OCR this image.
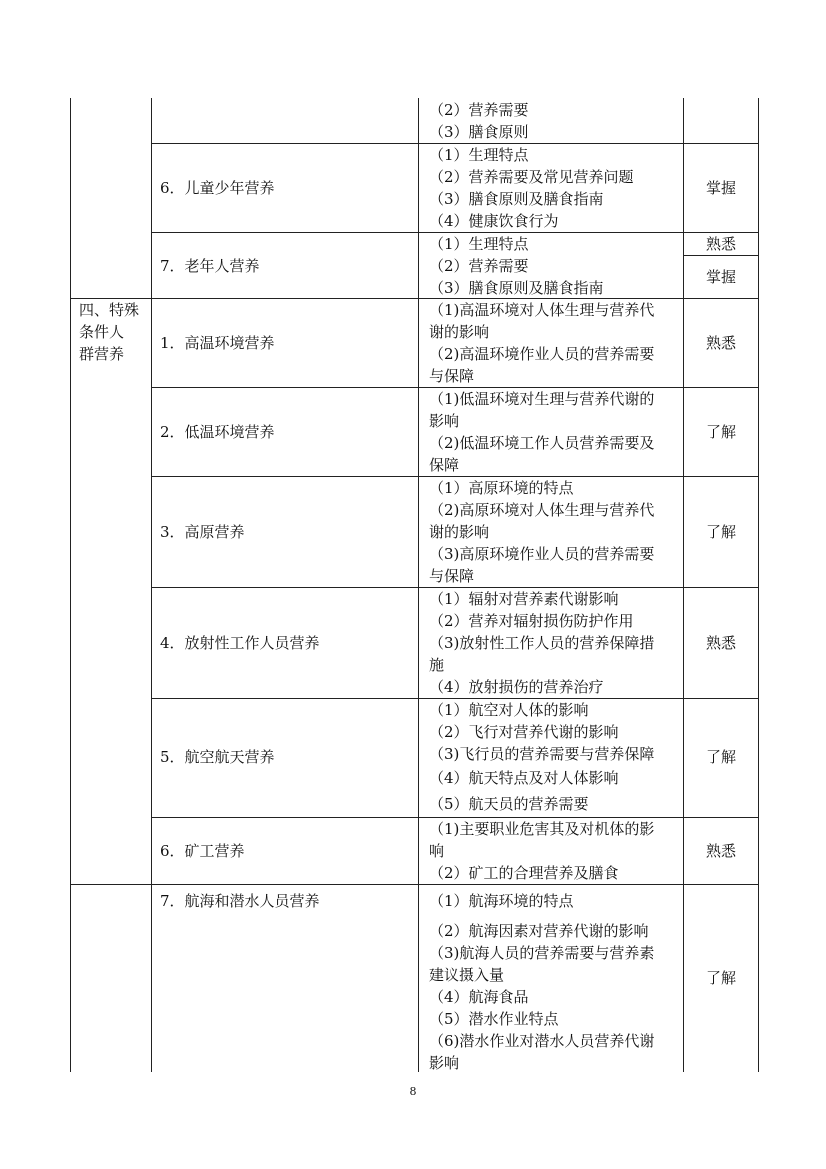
（2）营养需要
（3）膳食原则
6．儿童少年营养
（1）生理特点
（2）营养需要及常见营养问题
（3）膳食原则及膳食指南
（4）健康饮食行为
掌握
7．老年人营养
（1）生理特点
（2）营养需要
（3）膳食原则及膳食指南
熟悉
掌握
四、特殊
条件人
群营养
1．高温环境营养
（1)高温环境对人体生理与营养代
谢的影响
（2)高温环境作业人员的营养需要
与保障
熟悉
2．低温环境营养
（1)低温环境对生理与营养代谢的
影响
（2)低温环境工作人员营养需要及
保障
了解
3．高原营养
（1）高原环境的特点
（2)高原环境对人体生理与营养代
谢的影响
（3)高原环境作业人员的营养需要
与保障
了解
4．放射性工作人员营养
（1）辐射对营养素代谢影响
（2）营养对辐射损伤防护作用
（3)放射性工作人员的营养保障措
施
（4）放射损伤的营养治疗
熟悉
5．航空航天营养
（1）航空对人体的影响
（2）飞行对营养代谢的影响
（3)飞行员的营养需要与营养保障
（4）航天特点及对人体影响
（5）航天员的营养需要
了解
6．矿工营养
（1)主要职业危害其及对机体的影
响
（2）矿工的合理营养及膳食
熟悉
7．航海和潜水人员营养	（1）航海环境的特点
（2）航海因素对营养代谢的影响
（3)航海人员的营养需要与营养素
建议摄入量
（4）航海食品
（5）潜水作业特点
（6)潜水作业对潜水人员营养代谢
影响
了解
8
